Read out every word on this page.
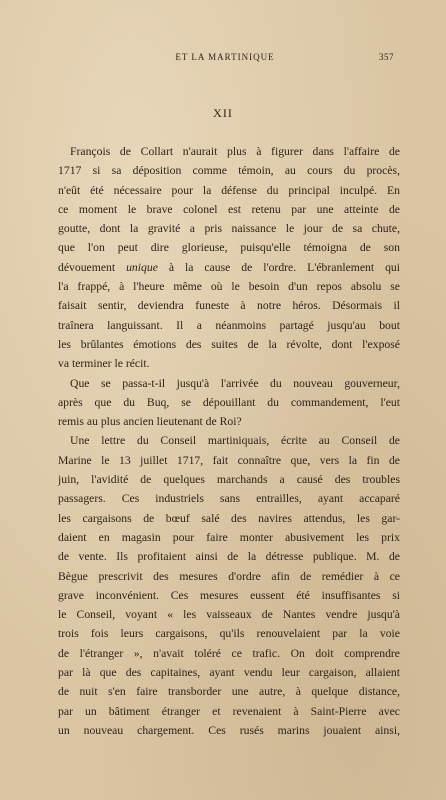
ET LA MARTINIQUE	357
XII
François de Collart n'aurait plus à figurer dans l'affaire de
1717 si sa déposition comme témoin, au cours du procès,
n'eût été nécessaire pour la défense du principal inculpé. En
ce moment le brave colonel est retenu par une atteinte de
goutte, dont la gravité a pris naissance le jour de sa chute,
que l'on peut dire glorieuse, puisqu'elle témoigna de son
dévouement unique à la cause de l'ordre. L'ébranlement qui
l'a frappé, à l'heure même où le besoin d'un repos absolu se
faisait sentir, deviendra funeste à notre héros. Désormais il
traînera languissant. Il a néanmoins partagé jusqu'au bout
les brûlantes émotions des suites de la révolte, dont l'exposé
va terminer le récit.
Que se passa-t-il jusqu'à l'arrivée du nouveau gouverneur,
après que du Buq, se dépouillant du commandement, l'eut
remis au plus ancien lieutenant de Roi?
Une lettre du Conseil martiniquais, écrite au Conseil de
Marine le 13 juillet 1717, fait connaître que, vers la fin de
juin, l'avidité de quelques marchands a causé des troubles
passagers. Ces industriels sans entrailles, ayant accaparé
les cargaisons de bœuf salé des navires attendus, les gar-
daient en magasin pour faire monter abusivement les prix
de vente. Ils profitaient ainsi de la détresse publique. M. de
Bègue prescrivit des mesures d'ordre afin de remédier à ce
grave inconvénient. Ces mesures eussent été insuffisantes si
le Conseil, voyant « les vaisseaux de Nantes vendre jusqu'à
trois fois leurs cargaisons, qu'ils renouvelaient par la voie
de l'étranger », n'avait toléré ce trafic. On doit comprendre
par là que des capitaines, ayant vendu leur cargaison, allaient
de nuit s'en faire transborder une autre, à quelque distance,
par un bâtiment étranger et revenaient à Saint-Pierre avec
un nouveau chargement. Ces rusés marins jouaient ainsi,
